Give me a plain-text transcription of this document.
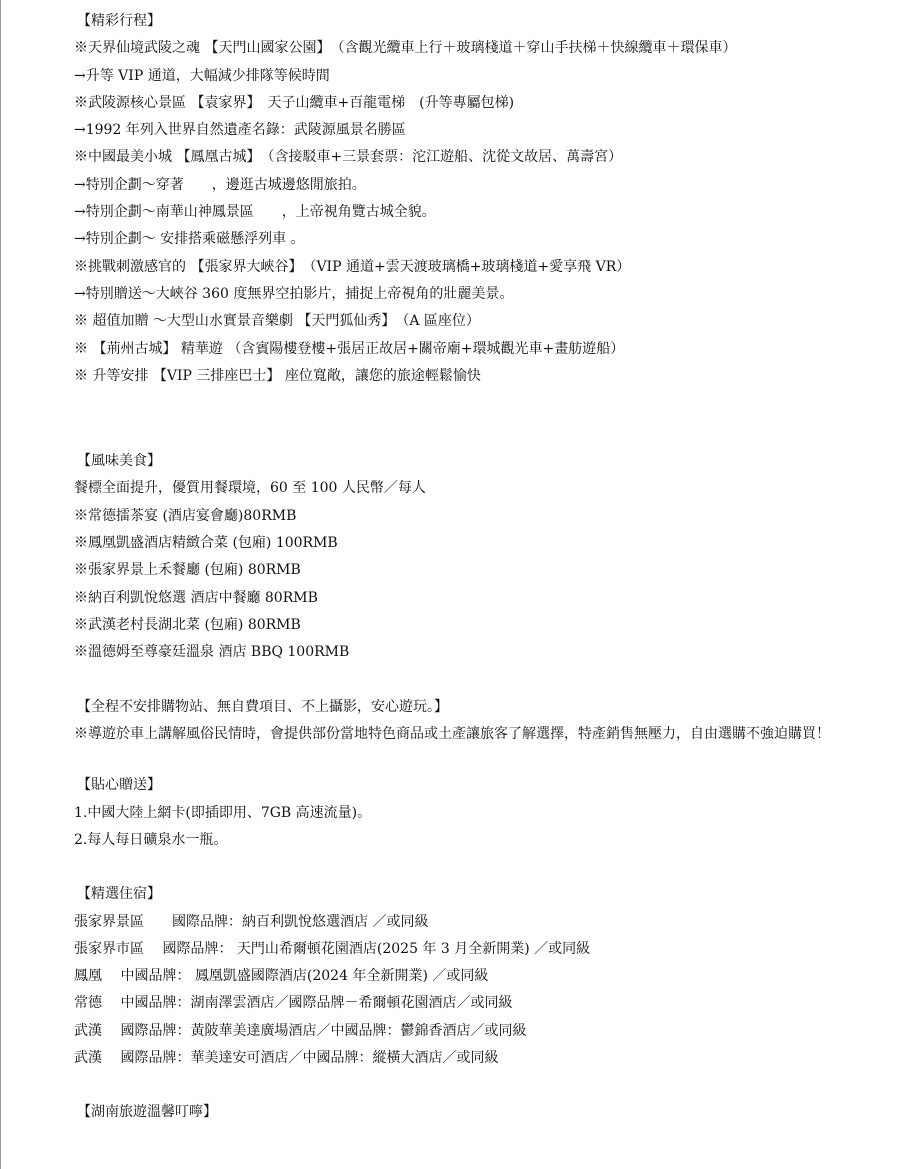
【精彩行程】
※天界仙境武陵之魂 【天門山國家公園】　（含觀光纜車上行＋玻璃棧道＋穿山手扶梯＋快線纜車＋環保車）
→升等 VIP 通道，大幅減少排隊等候時間
※武陵源核心景區 【袁家界】　天子山纜車+百龍電梯　(升等專屬包梯)
→1992 年列入世界自然遺產名錄：武陵源風景名勝區
※中國最美小城 【鳳凰古城】　（含接駁車+三景套票：沱江遊船、沈從文故居、萬壽宮）
→特別企劃～穿著　　，邊逛古城邊悠閒旅拍。
→特別企劃～南華山神鳳景區　　，上帝視角覽古城全貌。
→特別企劃～ 安排搭乘磁懸浮列車 。
※挑戰刺激感官的 【張家界大峽谷】　（VIP 通道+雲天渡玻璃橋+玻璃棧道+愛享飛 VR）
→特別贈送～大峽谷 360 度無界空拍影片，捕捉上帝視角的壯麗美景。
※ 超值加贈 ～大型山水實景音樂劇 【天門狐仙秀】　（A 區座位）
※ 【荊州古城】 精華遊 （含賓陽樓登樓+張居正故居+關帝廟+環城觀光車+畫舫遊船）
※ 升等安排 【VIP 三排座巴士】 座位寬敞，讓您的旅途輕鬆愉快
【風味美食】
餐標全面提升，優質用餐環境，60 至 100 人民幣／每人
※常德擂茶宴 (酒店宴會廳)80RMB
※鳳凰凱盛酒店精緻合菜 (包廂) 100RMB
※張家界景上禾餐廳 (包廂) 80RMB
※納百利凱悅悠選 酒店中餐廳 80RMB
※武漢老村長湖北菜 (包廂) 80RMB
※溫德姆至尊豪廷溫泉 酒店 BBQ 100RMB
【全程不安排購物站、無自費項目、不上攝影，安心遊玩。】
※導遊於車上講解風俗民情時，會提供部份當地特色商品或土產讓旅客了解選擇，特產銷售無壓力，自由選購不強迫購買！
【貼心贈送】
1.中國大陸上網卡(即插即用、7GB 高速流量)。
2.每人每日礦泉水一瓶。
【精選住宿】
張家界景區　　國際品牌：納百利凱悅悠選酒店 ／或同級
張家界市區　 國際品牌： 天門山希爾頓花園酒店(2025 年 3 月全新開業) ／或同級
鳳凰　 中國品牌： 鳳凰凱盛國際酒店(2024 年全新開業) ／或同級
常德　 中國品牌：湖南澤雲酒店／國際品牌－希爾頓花園酒店／或同級
武漢　 國際品牌：黃陂華美達廣場酒店／中國品牌：鬱錦香酒店／或同級
武漢　 國際品牌：華美達安可酒店／中國品牌：縱橫大酒店／或同級
【湖南旅遊溫馨叮嚀】
